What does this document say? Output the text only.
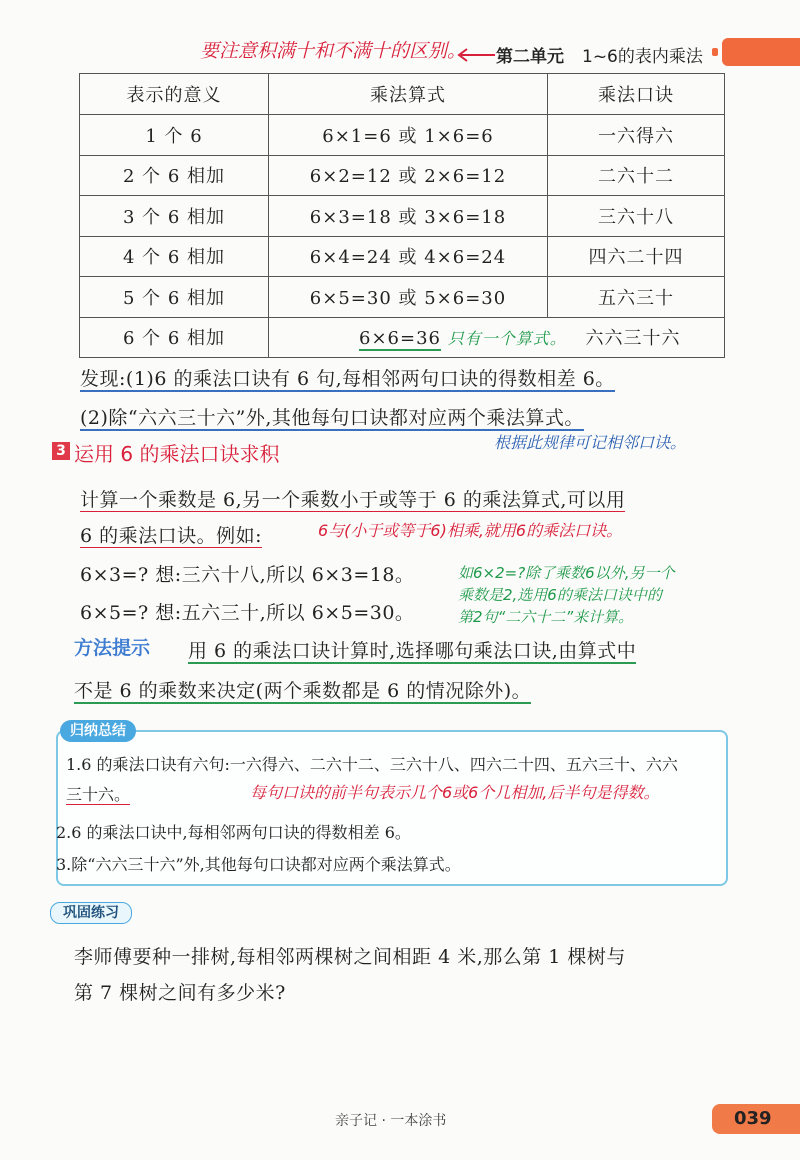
要注意积满十和不满十的区别。 第二单元 1~6的表内乘法
表示的意义	乘法算式	乘法口诀
1 个 6	6×1=6 或 1×6=6	一六得六
2 个 6 相加	6×2=12 或 2×6=12	二六十二
3 个 6 相加	6×3=18 或 3×6=18	三六十八
4 个 6 相加	6×4=24 或 4×6=24	四六二十四
5 个 6 相加	6×5=30 或 5×6=30	五六三十
6 个 6 相加	6×6=36 只有一个算式。 六六三十六	
发现:(1)6 的乘法口诀有 6 句,每相邻两句口诀的得数相差 6。
(2)除“六六三十六”外,其他每句口诀都对应两个乘法算式。
根据此规律可记相邻口诀。
3 运用 6 的乘法口诀求积
计算一个乘数是 6,另一个乘数小于或等于 6 的乘法算式,可以用
6 的乘法口诀。例如:	6与(小于或等于6)相乘,就用6的乘法口诀。
6×3=? 想:三六十八,所以 6×3=18。
6×5=? 想:五六三十,所以 6×5=30。
如6×2=?除了乘数6以外,另一个
乘数是2,选用6的乘法口诀中的
第2句“二六十二”来计算。
方法提示 用 6 的乘法口诀计算时,选择哪句乘法口诀,由算式中
不是 6 的乘数来决定(两个乘数都是 6 的情况除外)。
归纳总结
1.6 的乘法口诀有六句:一六得六、二六十二、三六十八、四六二十四、五六三十、六六
三十六。	每句口诀的前半句表示几个6或6个几相加,后半句是得数。
2.6 的乘法口诀中,每相邻两句口诀的得数相差 6。
3.除“六六三十六”外,其他每句口诀都对应两个乘法算式。
巩固练习
李师傅要种一排树,每相邻两棵树之间相距 4 米,那么第 1 棵树与
第 7 棵树之间有多少米?
亲子记 · 一本涂书	039
